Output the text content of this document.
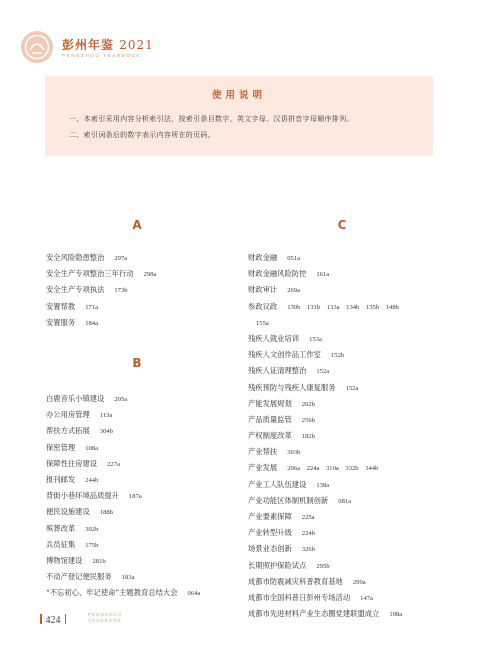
彭州年鉴 2021
PENGZHOU YEARBOOK
使用说明
一、本索引采用内容分析索引法，按索引条目数字、英文字母、汉语拼音字母顺序排列。
二、索引词条后的数字表示内容所在的页码。
A
安全风险隐患整治 297a
安全生产专项整治三年行动 298a
安全生产专项执法 173b
安置帮教 171a
安置服务 184a
B
白鹿音乐小镇建设 205a
办公用房管理 113a
帮扶方式拓展 304b
保密管理 108a
保障性住房建设 227a
报刊邮发 244b
背街小巷环境品质提升 187a
便民设施建设 188b
殡葬改革 302b
兵员征集 175b
博物馆建设 281b
不动产登记便民服务 183a
“不忘初心、牢记使命”主题教育总结大会 064a
C
财政金融 051a
财政金融风险防控 161a
财政审计 269a
参政议政 130b　131b　133a　134b　135b　148b
155a
残疾人就业培训 153a
残疾人文创作品工作室 152b
残疾人证清理整治 152a
残疾预防与残疾人康复服务 152a
产能发展规划 202b
产品质量监管 256b
产权制度改革 182b
产业帮扶 303b
产业发展 206a　224a　310a　332b　344b
产业工人队伍建设 138a
产业功能区体制机制创新 081a
产业要素保障 225a
产业转型升级 224b
场景业态创新 326b
长期照护保险试点 295b
成都市防震减灾科普教育基地 299a
成都市全国科普日彭州专场活动 147a
成都市先进材料产业生态圈党建联盟成立 198a
424
PENGZHOU
YEARBOOK
